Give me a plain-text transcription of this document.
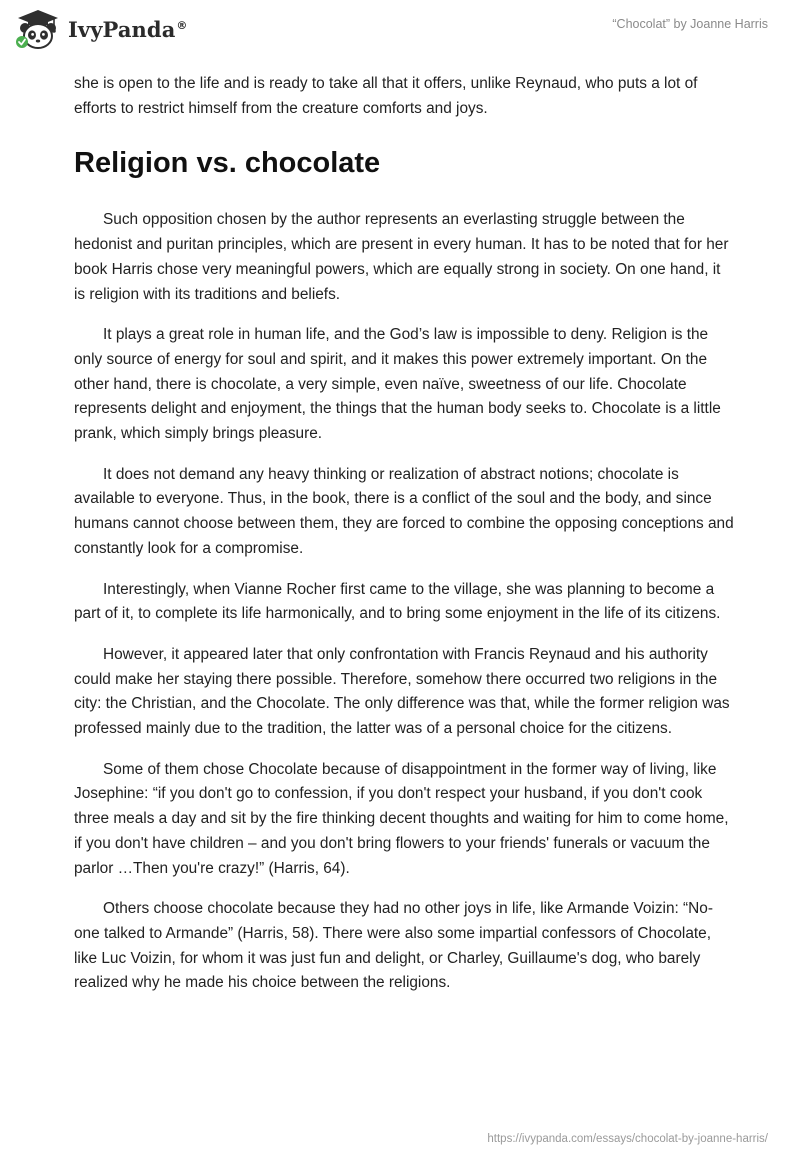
IvyPanda®	“Chocolat” by Joanne Harris

she is open to the life and is ready to take all that it offers, unlike Reynaud, who puts a lot of efforts to restrict himself from the creature comforts and joys.

Religion vs. chocolate

Such opposition chosen by the author represents an everlasting struggle between the hedonist and puritan principles, which are present in every human. It has to be noted that for her book Harris chose very meaningful powers, which are equally strong in society. On one hand, it is religion with its traditions and beliefs.

It plays a great role in human life, and the God’s law is impossible to deny. Religion is the only source of energy for soul and spirit, and it makes this power extremely important. On the other hand, there is chocolate, a very simple, even naïve, sweetness of our life. Chocolate represents delight and enjoyment, the things that the human body seeks to. Chocolate is a little prank, which simply brings pleasure.

It does not demand any heavy thinking or realization of abstract notions; chocolate is available to everyone. Thus, in the book, there is a conflict of the soul and the body, and since humans cannot choose between them, they are forced to combine the opposing conceptions and constantly look for a compromise.

Interestingly, when Vianne Rocher first came to the village, she was planning to become a part of it, to complete its life harmonically, and to bring some enjoyment in the life of its citizens.

However, it appeared later that only confrontation with Francis Reynaud and his authority could make her staying there possible. Therefore, somehow there occurred two religions in the city: the Christian, and the Chocolate. The only difference was that, while the former religion was professed mainly due to the tradition, the latter was of a personal choice for the citizens.

Some of them chose Chocolate because of disappointment in the former way of living, like Josephine: “if you don't go to confession, if you don't respect your husband, if you don't cook three meals a day and sit by the fire thinking decent thoughts and waiting for him to come home, if you don't have children – and you don't bring flowers to your friends' funerals or vacuum the parlor …Then you're crazy!” (Harris, 64).

Others choose chocolate because they had no other joys in life, like Armande Voizin: “No-one talked to Armande” (Harris, 58). There were also some impartial confessors of Chocolate, like Luc Voizin, for whom it was just fun and delight, or Charley, Guillaume's dog, who barely realized why he made his choice between the religions.

https://ivypanda.com/essays/chocolat-by-joanne-harris/
